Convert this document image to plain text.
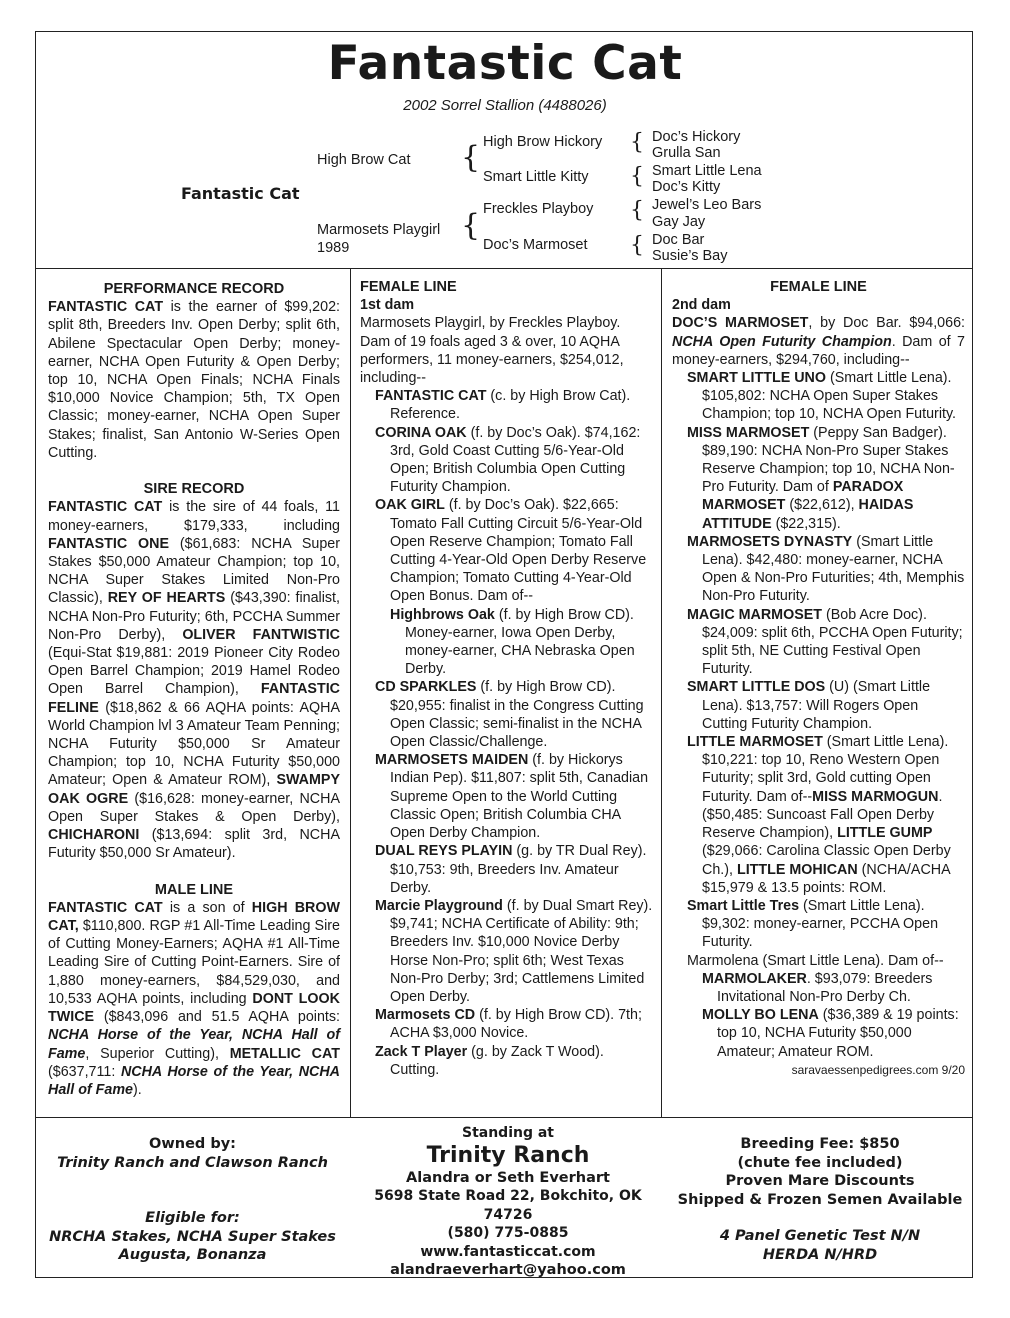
Fantastic Cat
2002 Sorrel Stallion (4488026)
Fantastic Cat
High Brow Cat
Marmosets Playgirl
1989
{
{
High Brow Hickory
Smart Little Kitty
Freckles Playboy
Doc’s Marmoset
{
{
{
{
Doc’s Hickory
Grulla San
Smart Little Lena
Doc’s Kitty
Jewel’s Leo Bars
Gay Jay
Doc Bar
Susie’s Bay

PERFORMANCE RECORD

FANTASTIC CAT is the earner of $99,202: split 8th, Breeders Inv. Open Derby; split 6th, Abilene Spectacular Open Derby; money-earner, NCHA Open Futurity & Open Derby; top 10, NCHA Open Finals; NCHA Finals $10,000 Novice Champion; 5th, TX Open Classic; money-earner, NCHA Open Super Stakes; finalist, San Antonio W-Series Open Cutting.

SIRE RECORD

FANTASTIC CAT is the sire of 44 foals, 11 money-earners, $179,333, including FANTASTIC ONE ($61,683: NCHA Super Stakes $50,000 Amateur Champion; top 10, NCHA Super Stakes Limited Non-Pro Classic), REY OF HEARTS ($43,390: finalist, NCHA Non-Pro Futurity; 6th, PCCHA Summer Non-Pro Derby), OLIVER FANTWISTIC (Equi-Stat $19,881: 2019 Pioneer City Rodeo Open Barrel Champion; 2019 Hamel Rodeo Open Barrel Champion), FANTASTIC FELINE ($18,862 & 66 AQHA points: AQHA World Champion lvl 3 Amateur Team Penning; NCHA Futurity $50,000 Sr Amateur Champion; top 10, NCHA Futurity $50,000 Amateur; Open & Amateur ROM), SWAMPY OAK OGRE ($16,628: money-earner, NCHA Open Super Stakes & Open Derby), CHICHARONI ($13,694: split 3rd, NCHA Futurity $50,000 Sr Amateur).

MALE LINE

FANTASTIC CAT is a son of HIGH BROW CAT, $110,800. RGP #1 All-Time Leading Sire of Cutting Money-Earners; AQHA #1 All-Time Leading Sire of Cutting Point-Earners. Sire of 1,880 money-earners, $84,529,030, and 10,533 AQHA points, including DONT LOOK TWICE ($843,096 and 51.5 AQHA points: NCHA Horse of the Year, NCHA Hall of Fame, Superior Cutting), METALLIC CAT ($637,711: NCHA Horse of the Year, NCHA Hall of Fame).

FEMALE LINE

1st dam

Marmosets Playgirl, by Freckles Playboy. Dam of 19 foals aged 3 & over, 10 AQHA performers, 11 money-earners, $254,012, including--

FANTASTIC CAT (c. by High Brow Cat). Reference.

CORINA OAK (f. by Doc’s Oak). $74,162: 3rd, Gold Coast Cutting 5/6-Year-Old Open; British Columbia Open Cutting Futurity Champion.

OAK GIRL (f. by Doc’s Oak). $22,665: Tomato Fall Cutting Circuit 5/6-Year-Old Open Reserve Champion; Tomato Fall Cutting 4-Year-Old Open Derby Reserve Champion; Tomato Cutting 4-Year-Old Open Bonus. Dam of--

Highbrows Oak (f. by High Brow CD). Money-earner, Iowa Open Derby, money-earner, CHA Nebraska Open Derby.

CD SPARKLES (f. by High Brow CD). $20,955: finalist in the Congress Cutting Open Classic; semi-finalist in the NCHA Open Classic/Challenge.

MARMOSETS MAIDEN (f. by Hickorys Indian Pep). $11,807: split 5th, Canadian Supreme Open to the World Cutting Classic Open; British Columbia CHA Open Derby Champion.

DUAL REYS PLAYIN (g. by TR Dual Rey). $10,753: 9th, Breeders Inv. Amateur Derby.

Marcie Playground (f. by Dual Smart Rey). $9,741; NCHA Certificate of Ability: 9th; Breeders Inv. $10,000 Novice Derby Horse Non-Pro; split 6th; West Texas Non-Pro Derby; 3rd; Cattlemens Limited Open Derby.

Marmosets CD (f. by High Brow CD). 7th; ACHA $3,000 Novice.

Zack T Player (g. by Zack T Wood). Cutting.

FEMALE LINE

2nd dam

DOC’S MARMOSET, by Doc Bar. $94,066: NCHA Open Futurity Champion. Dam of 7 money-earners, $294,760, including--

SMART LITTLE UNO (Smart Little Lena). $105,802: NCHA Open Super Stakes Champion; top 10, NCHA Open Futurity.

MISS MARMOSET (Peppy San Badger). $89,190: NCHA Non-Pro Super Stakes Reserve Champion; top 10, NCHA Non-Pro Futurity. Dam of PARADOX MARMOSET ($22,612), HAIDAS ATTITUDE ($22,315).

MARMOSETS DYNASTY (Smart Little Lena). $42,480: money-earner, NCHA Open & Non-Pro Futurities; 4th, Memphis Non-Pro Futurity.

MAGIC MARMOSET (Bob Acre Doc). $24,009: split 6th, PCCHA Open Futurity; split 5th, NE Cutting Festival Open Futurity.

SMART LITTLE DOS (U) (Smart Little Lena). $13,757: Will Rogers Open Cutting Futurity Champion.

LITTLE MARMOSET (Smart Little Lena). $10,221: top 10, Reno Western Open Futurity; split 3rd, Gold cutting Open Futurity. Dam of--MISS MARMOGUN. ($50,485: Suncoast Fall Open Derby Reserve Champion), LITTLE GUMP ($29,066: Carolina Classic Open Derby Ch.), LITTLE MOHICAN (NCHA/ACHA $15,979 & 13.5 points: ROM.

Smart Little Tres (Smart Little Lena). $9,302: money-earner, PCCHA Open Futurity.

Marmolena (Smart Little Lena). Dam of--

MARMOLAKER. $93,079: Breeders Invitational Non-Pro Derby Ch.

MOLLY BO LENA ($36,389 & 19 points: top 10, NCHA Futurity $50,000 Amateur; Amateur ROM.

saravaessenpedigrees.com 9/20

Owned by:
Trinity Ranch and Clawson Ranch
Eligible for:
NRCHA Stakes, NCHA Super Stakes
Augusta, Bonanza
Standing at
Trinity Ranch
Alandra or Seth Everhart
5698 State Road 22, Bokchito, OK 74726
(580) 775-0885
www.fantasticcat.com
alandraeverhart@yahoo.com
Breeding Fee: $850
(chute fee included)
Proven Mare Discounts
Shipped & Frozen Semen Available
4 Panel Genetic Test N/N
HERDA N/HRD
